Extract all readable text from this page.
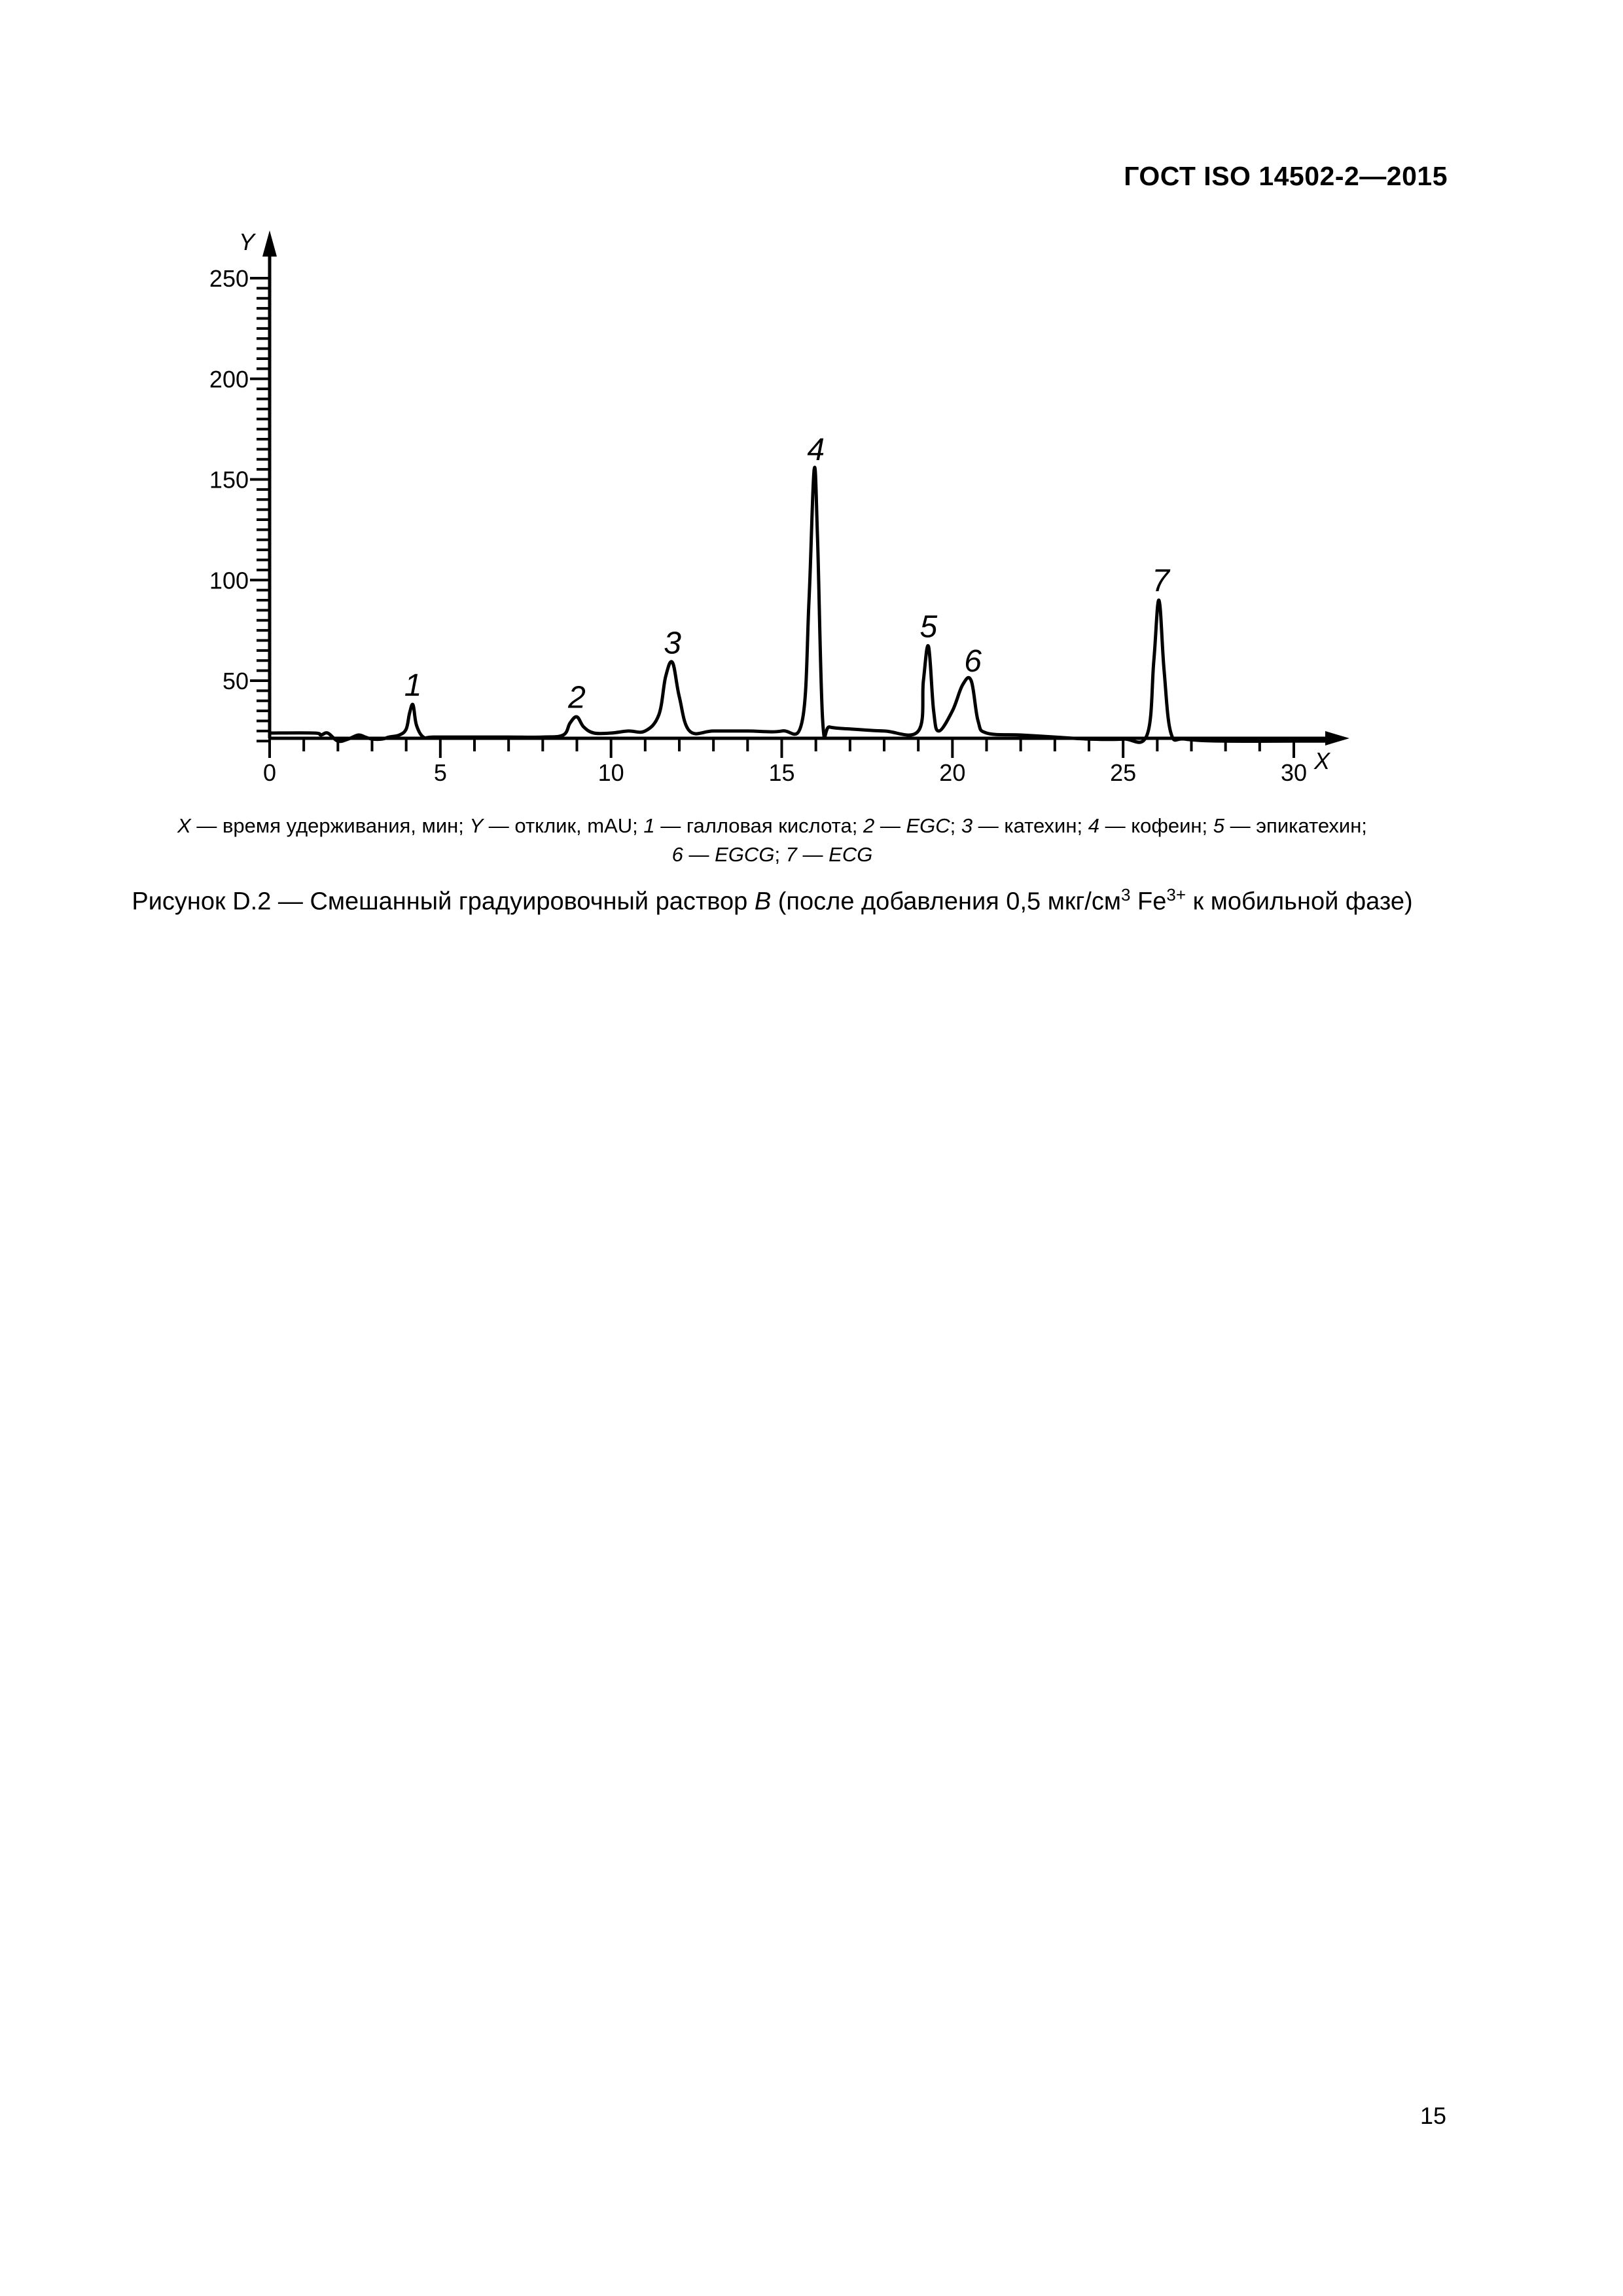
ГОСТ ISO 14502-2—2015
X
Y
50
100
150
200
250
0	5	10	15	20	25	30
1	2
3
4
5
6
7
X — время удерживания, мин; Y — отклик, mAU; 1 — галловая кислота; 2 — EGC; 3 — катехин; 4 — кофеин; 5 — эпикатехин;
6 — EGCG; 7 — ECG
Рисунок D.2 — Смешанный градуировочный раствор B (после добавления 0,5 мкг/$см^3$ $Fe^{3+}$ к мобильной фазе)
15
